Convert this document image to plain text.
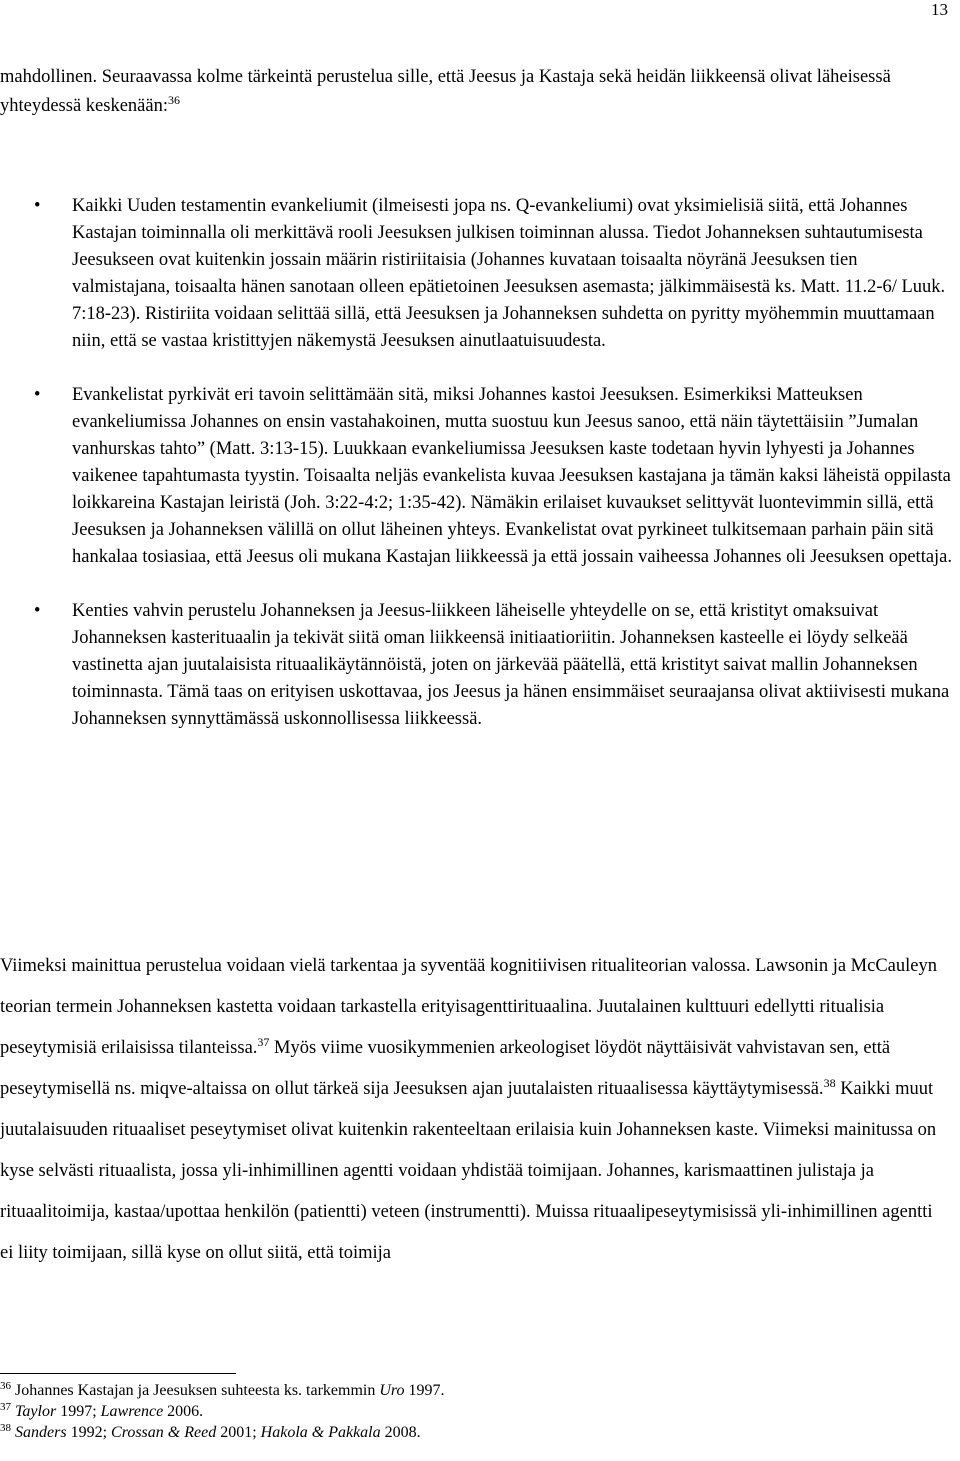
13
mahdollinen. Seuraavassa kolme tärkeintä perustelua sille, että Jeesus ja Kastaja sekä heidän liikkeensä olivat läheisessä yhteydessä keskenään:$^{36}$
• Kaikki Uuden testamentin evankeliumit (ilmeisesti jopa ns. Q-evankeliumi) ovat yksimielisiä siitä, että Johannes Kastajan toiminnalla oli merkittävä rooli Jeesuksen julkisen toiminnan alussa. Tiedot Johanneksen suhtautumisesta Jeesukseen ovat kuitenkin jossain määrin ristiriitaisia (Johannes kuvataan toisaalta nöyränä Jeesuksen tien valmistajana, toisaalta hänen sanotaan olleen epätietoinen Jeesuksen asemasta; jälkimmäisestä ks. Matt. 11.2-6/ Luuk. 7:18-23). Ristiriita voidaan selittää sillä, että Jeesuksen ja Johanneksen suhdetta on pyritty myöhemmin muuttamaan niin, että se vastaa kristittyjen näkemystä Jeesuksen ainutlaatuisuudesta.
• Evankelistat pyrkivät eri tavoin selittämään sitä, miksi Johannes kastoi Jeesuksen. Esimerkiksi Matteuksen evankeliumissa Johannes on ensin vastahakoinen, mutta suostuu kun Jeesus sanoo, että näin täytettäisiin ”Jumalan vanhurskas tahto” (Matt. 3:13-15). Luukkaan evankeliumissa Jeesuksen kaste todetaan hyvin lyhyesti ja Johannes vaikenee tapahtumasta tyystin. Toisaalta neljäs evankelista kuvaa Jeesuksen kastajana ja tämän kaksi läheistä oppilasta loikkareina Kastajan leiristä (Joh. 3:22-4:2; 1:35-42). Nämäkin erilaiset kuvaukset selittyvät luontevimmin sillä, että Jeesuksen ja Johanneksen välillä on ollut läheinen yhteys. Evankelistat ovat pyrkineet tulkitsemaan parhain päin sitä hankalaa tosiasiaa, että Jeesus oli mukana Kastajan liikkeessä ja että jossain vaiheessa Johannes oli Jeesuksen opettaja.
• Kenties vahvin perustelu Johanneksen ja Jeesus-liikkeen läheiselle yhteydelle on se, että kristityt omaksuivat Johanneksen kasterituaalin ja tekivät siitä oman liikkeensä initiaatioriitin. Johanneksen kasteelle ei löydy selkeää vastinetta ajan juutalaisista rituaalikäytännöistä, joten on järkevää päätellä, että kristityt saivat mallin Johanneksen toiminnasta. Tämä taas on erityisen uskottavaa, jos Jeesus ja hänen ensimmäiset seuraajansa olivat aktiivisesti mukana Johanneksen synnyttämässä uskonnollisessa liikkeessä.

Viimeksi mainittua perustelua voidaan vielä tarkentaa ja syventää kognitiivisen ritualiteorian valossa. Lawsonin ja McCauleyn teorian termein Johanneksen kastetta voidaan tarkastella erityisagenttirituaalina. Juutalainen kulttuuri edellytti ritualisia peseytymisiä erilaisissa tilanteissa.$^{37}$ Myös viime vuosikymmenien arkeologiset löydöt näyttäisivät vahvistavan sen, että peseytymisellä ns. miqve-altaissa on ollut tärkeä sija Jeesuksen ajan juutalaisten rituaalisessa käyttäytymisessä.$^{38}$ Kaikki muut juutalaisuuden rituaaliset peseytymiset olivat kuitenkin rakenteeltaan erilaisia kuin Johanneksen kaste. Viimeksi mainitussa on kyse selvästi rituaalista, jossa yli-inhimillinen agentti voidaan yhdistää toimijaan. Johannes, karismaattinen julistaja ja rituaalitoimija, kastaa/upottaa henkilön (patientti) veteen (instrumentti). Muissa rituaalipeseytymisissä yli-inhimillinen agentti ei liity toimijaan, sillä kyse on ollut siitä, että toimija

$^{36}$ Johannes Kastajan ja Jeesuksen suhteesta ks. tarkemmin Uro 1997.
$^{37}$ Taylor 1997; Lawrence 2006.
$^{38}$ Sanders 1992; Crossan & Reed 2001; Hakola & Pakkala 2008.
